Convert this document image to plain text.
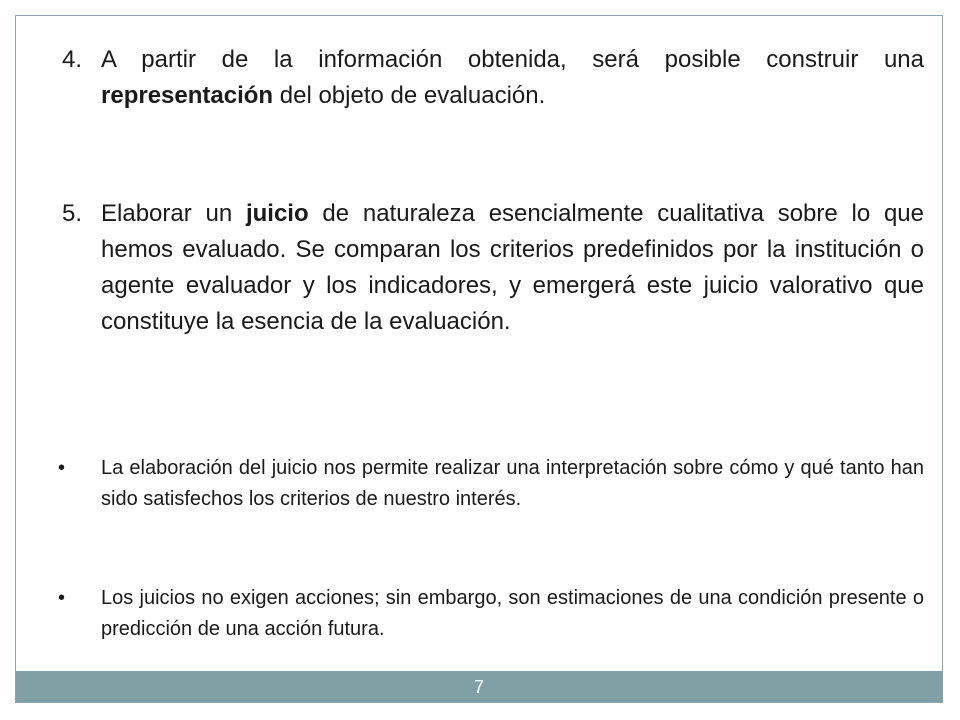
4. A partir de la información obtenida, será posible construir una representación del objeto de evaluación.
5. Elaborar un juicio de naturaleza esencialmente cualitativa sobre lo que hemos evaluado. Se comparan los criterios predefinidos por la institución o agente evaluador y los indicadores, y emergerá este juicio valorativo que constituye la esencia de la evaluación.
• La elaboración del juicio nos permite realizar una interpretación sobre cómo y qué tanto han sido satisfechos los criterios de nuestro interés.
• Los juicios no exigen acciones; sin embargo, son estimaciones de una condición presente o predicción de una acción futura.
7
